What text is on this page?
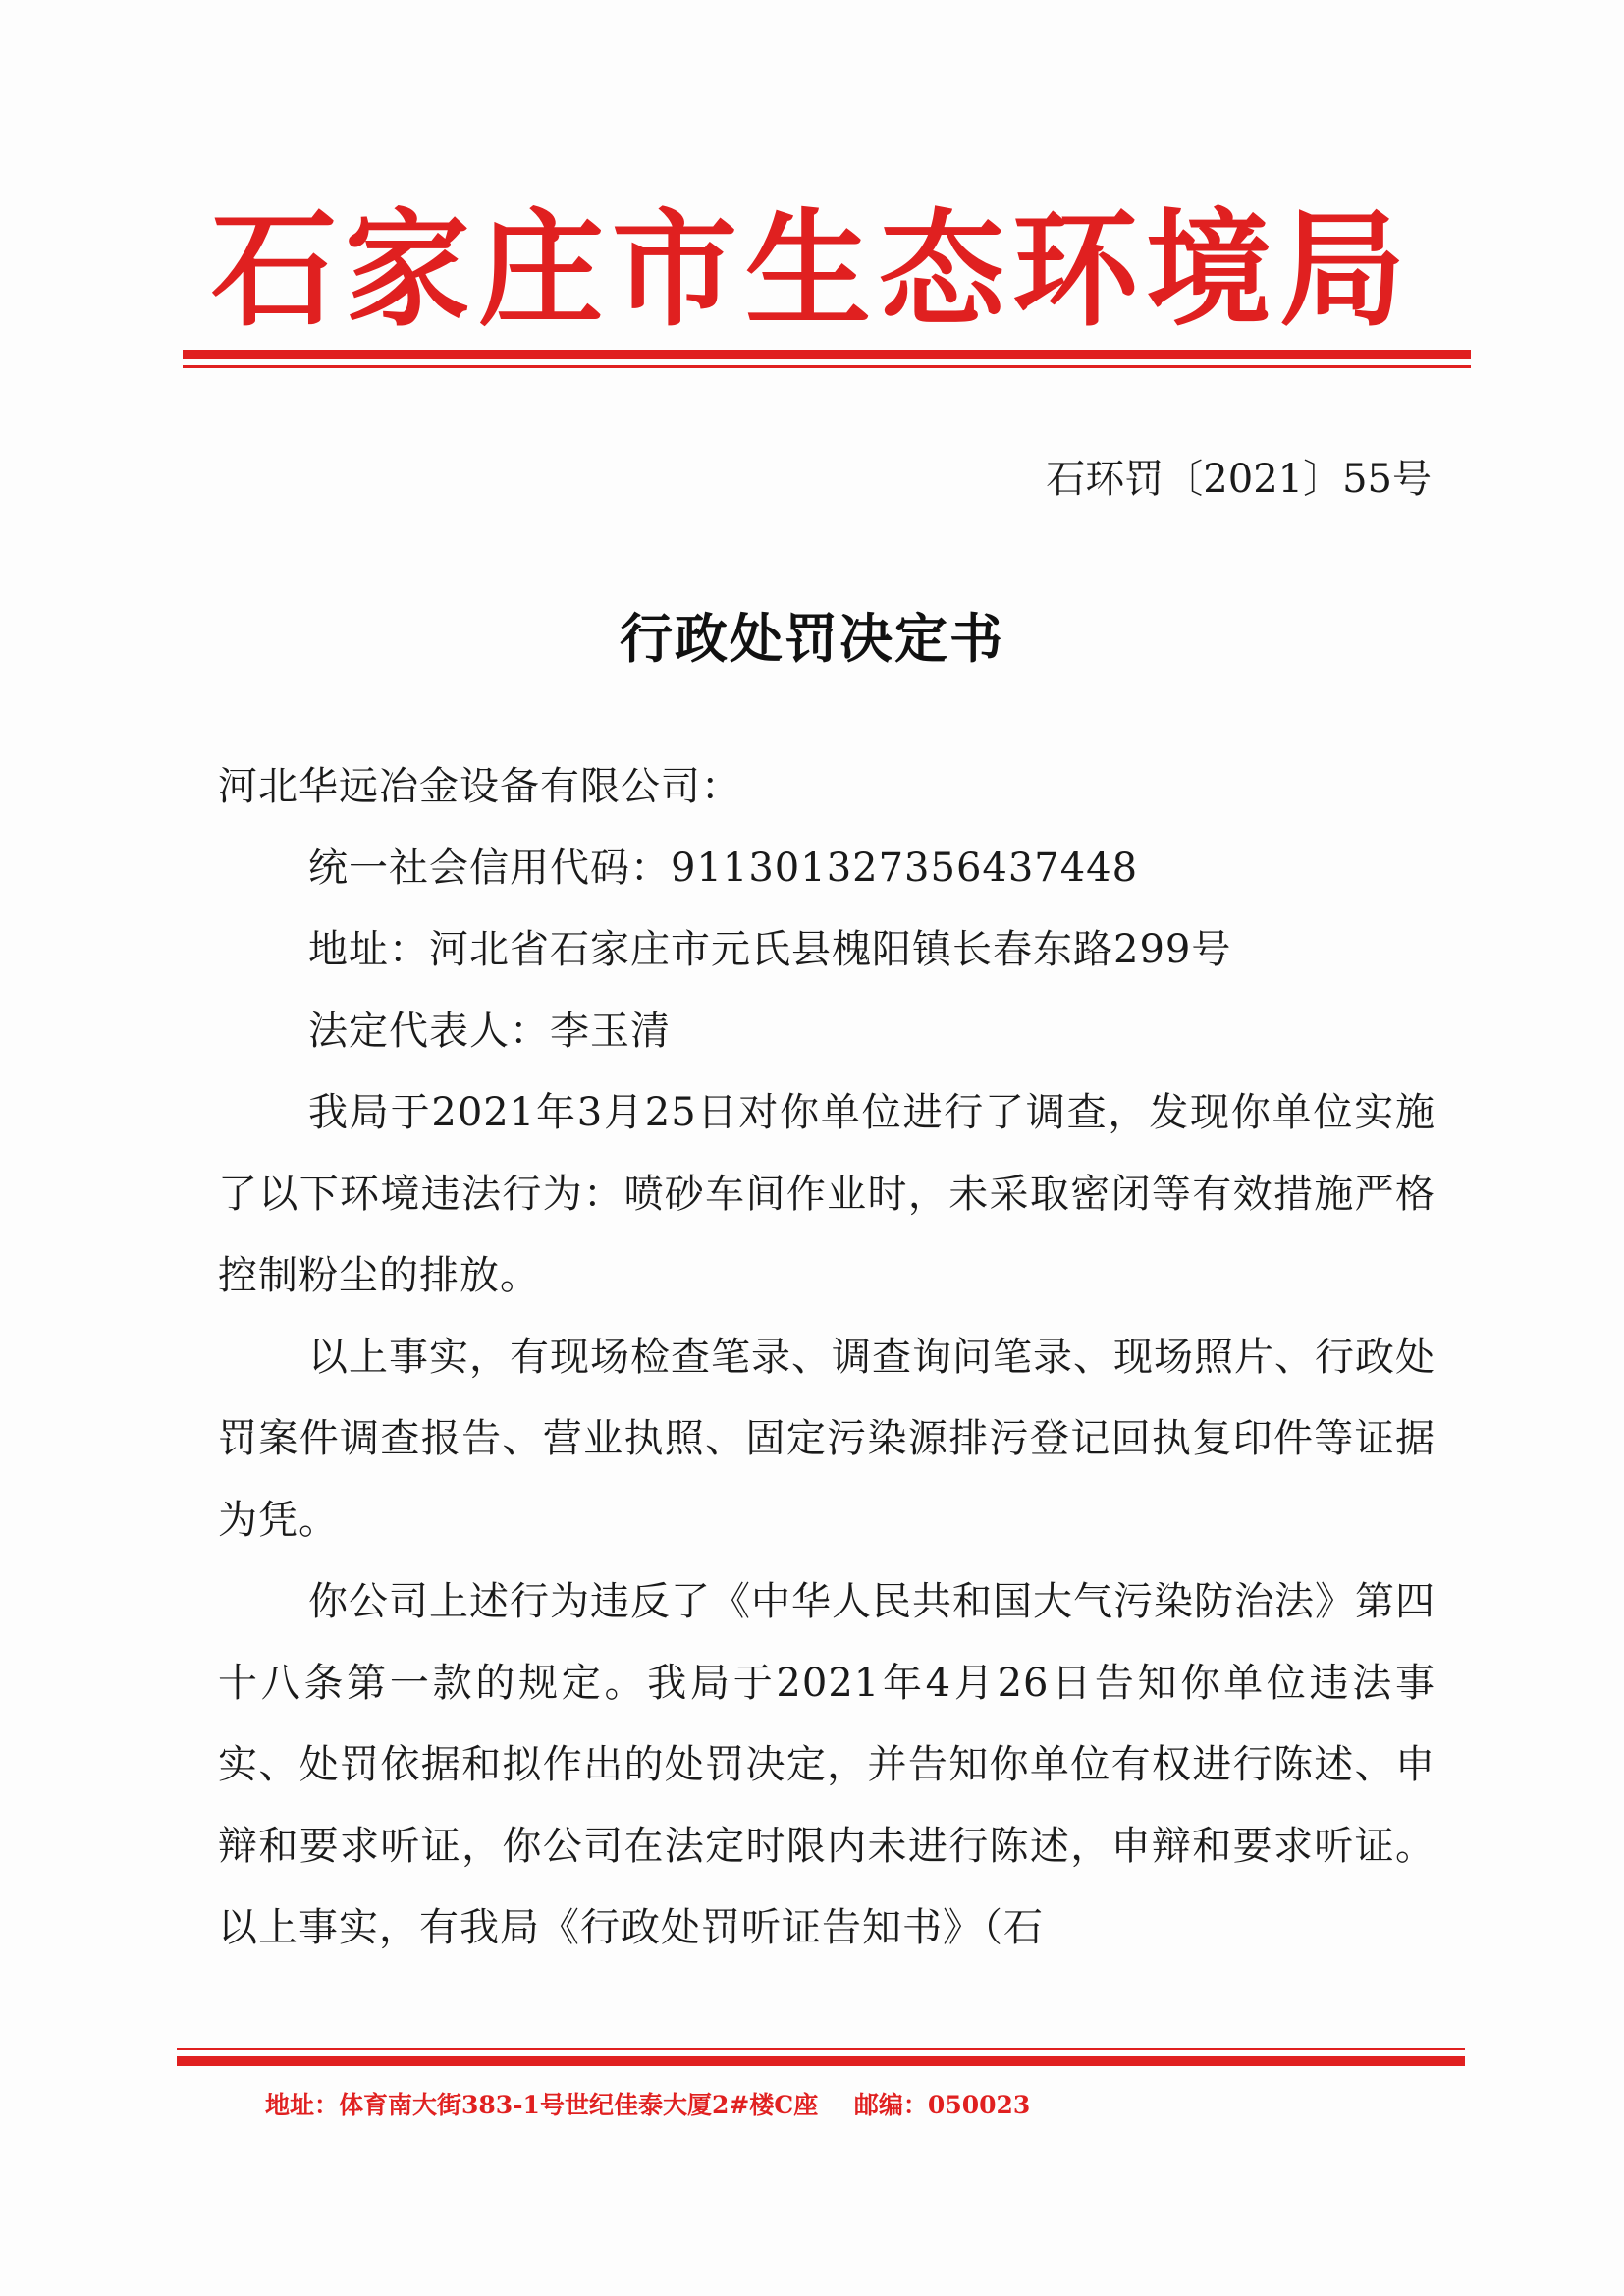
石家庄市生态环境局
石环罚〔2021〕55号
行政处罚决定书

河北华远冶金设备有限公司：

统一社会信用代码：911301327356437448

地址：河北省石家庄市元氏县槐阳镇长春东路299号

法定代表人：李玉清

我局于2021年3月25日对你单位进行了调查，发现你单位实施了以下环境违法行为：喷砂车间作业时，未采取密闭等有效措施严格控制粉尘的排放。

以上事实，有现场检查笔录、调查询问笔录、现场照片、行政处罚案件调查报告、营业执照、固定污染源排污登记回执复印件等证据为凭。

你公司上述行为违反了《中华人民共和国大气污染防治法》第四十八条第一款的规定。我局于2021年4月26日告知你单位违法事实、处罚依据和拟作出的处罚决定，并告知你单位有权进行陈述、申辩和要求听证，你公司在法定时限内未进行陈述，申辩和要求听证。以上事实，有我局《行政处罚听证告知书》（石

地址：体育南大街383-1号世纪佳泰大厦2#楼C座 邮编：050023
